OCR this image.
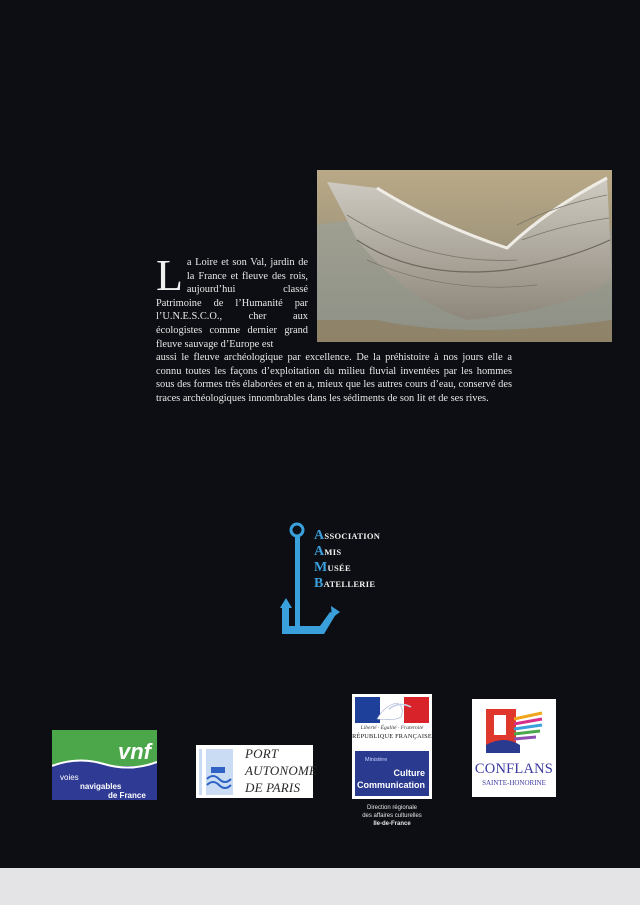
L a Loire et son Val, jardin de la France et fleuve des rois, aujourd’hui classé Patrimoine de l’Humanité par l’U.N.E.S.C.O., cher aux écologistes comme dernier grand fleuve sauvage d’Europe est
aussi le fleuve archéologique par excellence. De la préhistoire à nos jours elle a connu toutes les façons d’exploitation du milieu fluvial inventées par les hommes sous des formes très élaborées et en a, mieux que les autres cours d’eau, conservé des traces archéologiques innombrables dans les sédiments de son lit et de ses rives.
ASSOCIATION
AMIS
MUSÉE
BATELLERIE
vnf
voies
navigables
de France
PORT
AUTONOME
DE PARIS
Liberté · Égalité · Fraternité
RÉPUBLIQUE FRANÇAISE
Ministère
Culture
Communication
Direction régionale
des affaires culturelles
Ile-de-France
CONFLANS
SAINTE-HONORINE
